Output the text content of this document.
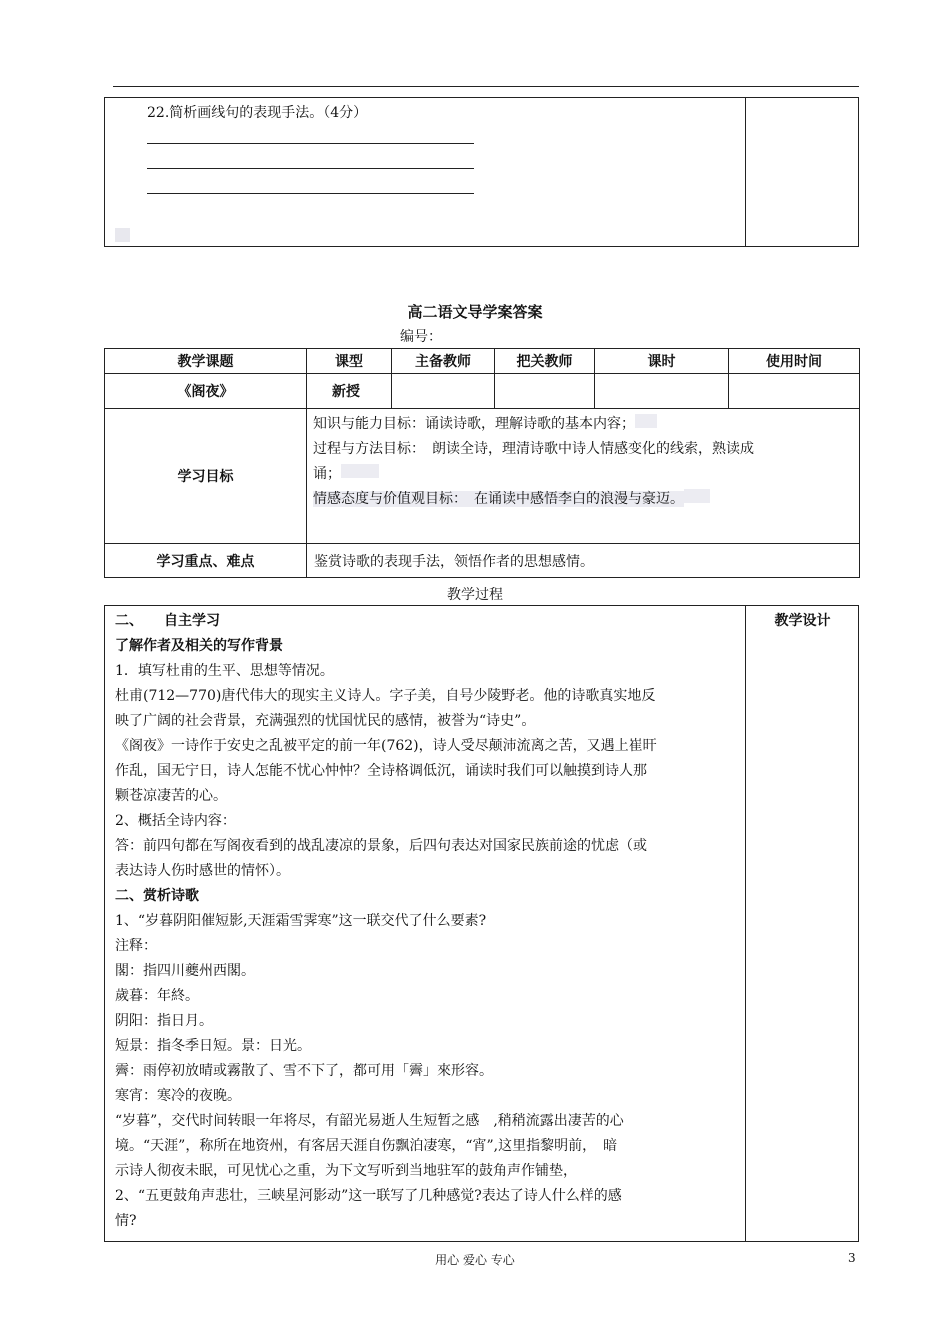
22.简析画线句的表现手法。（4分）
高二语文导学案答案
编号：
教学课题	课型	主备教师	把关教师	课时	使用时间
《阁夜》	新授				
学习目标	知识与能力目标：诵读诗歌，理解诗歌的基本内容；
过程与方法目标：　朗读全诗，理清诗歌中诗人情感变化的线索，熟读成
诵；
情感态度与价值观目标：　在诵读中感悟李白的浪漫与豪迈。				

学习重点、难点	鉴赏诗歌的表现手法，领悟作者的思想感情。				
教学过程
教学设计

二、　　自主学习

了解作者及相关的写作背景

1．填写杜甫的生平、思想等情况。

杜甫(712—770)唐代伟大的现实主义诗人。字子美，自号少陵野老。他的诗歌真实地反

映了广阔的社会背景，充满强烈的忧国忧民的感情，被誉为“诗史”。

《阁夜》一诗作于安史之乱被平定的前一年(762)，诗人受尽颠沛流离之苦，又遇上崔旰

作乱，国无宁日，诗人怎能不忧心忡忡？全诗格调低沉，诵读时我们可以触摸到诗人那

颗苍凉凄苦的心。

2、概括全诗内容：

答：前四句都在写阁夜看到的战乱凄凉的景象，后四句表达对国家民族前途的忧虑（或

表达诗人伤时感世的情怀）。

二、赏析诗歌

1、“岁暮阴阳催短影,天涯霜雪霁寒”这一联交代了什么要素?

注释：

閣：指四川夔州西閣。

歲暮：年終。

阴阳：指日月。

短景：指冬季日短。景：日光。

霽：雨停初放晴或霧散了、雪不下了，都可用「霽」來形容。

寒宵：寒冷的夜晚。

“岁暮”，交代时间转眼一年将尽，有韶光易逝人生短暂之感　,稍稍流露出凄苦的心

境。“天涯”，称所在地资州，有客居天涯自伤飘泊凄寒，“宵”,这里指黎明前，　暗

示诗人彻夜未眠，可见忧心之重，为下文写听到当地驻军的鼓角声作铺垫，

2、“五更鼓角声悲壮，三峡星河影动”这一联写了几种感觉?表达了诗人什么样的感

情?

用心 爱心 专心	3
